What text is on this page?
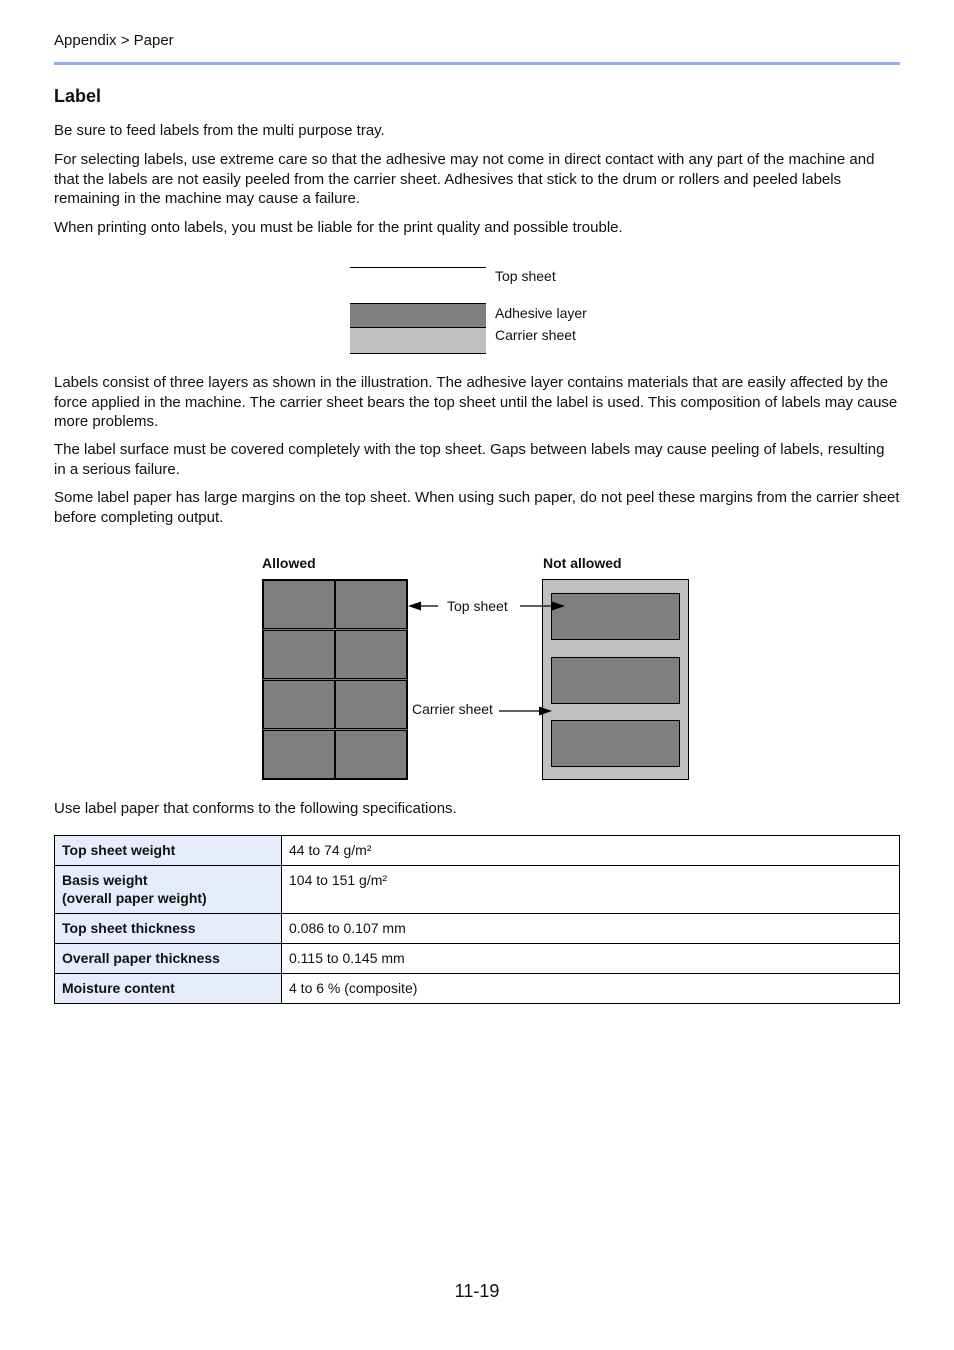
Appendix > Paper
Label

Be sure to feed labels from the multi purpose tray.

For selecting labels, use extreme care so that the adhesive may not come in direct contact with any part of the machine and that the labels are not easily peeled from the carrier sheet. Adhesives that stick to the drum or rollers and peeled labels remaining in the machine may cause a failure.

When printing onto labels, you must be liable for the print quality and possible trouble.

Top sheet
Adhesive layer
Carrier sheet

Labels consist of three layers as shown in the illustration. The adhesive layer contains materials that are easily affected by the force applied in the machine. The carrier sheet bears the top sheet until the label is used. This composition of labels may cause more problems.

The label surface must be covered completely with the top sheet. Gaps between labels may cause peeling of labels, resulting in a serious failure.

Some label paper has large margins on the top sheet. When using such paper, do not peel these margins from the carrier sheet before completing output.

Allowed	Not allowed
Top sheet
Carrier sheet

Use label paper that conforms to the following specifications.

Top sheet weight	44 to 74 g/m²
Basis weight
(overall paper weight)	104 to 151 g/m²
Top sheet thickness	0.086 to 0.107 mm
Overall paper thickness	0.115 to 0.145 mm
Moisture content	4 to 6 % (composite)
11-19
